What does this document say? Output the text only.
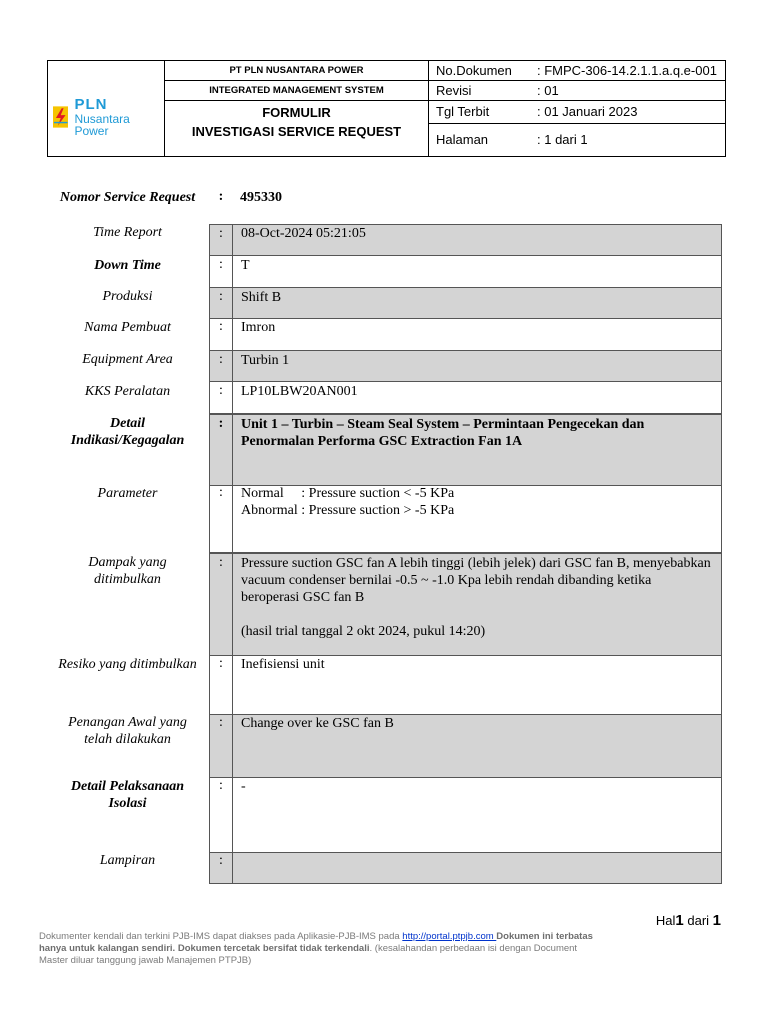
PLN
Nusantara Power
PT PLN NUSANTARA POWER
INTEGRATED MANAGEMENT SYSTEM
FORMULIR
INVESTIGASI SERVICE REQUEST
No.Dokumen : FMPC-306-14.2.1.1.a.q.e-001
Revisi	: 01
Tgl Terbit	: 01 Januari 2023
Halaman	: 1 dari 1
Nomor Service Request	:	495330
Time Report	:	08-Oct-2024 05:21:05
Down Time	:	T
Produksi	:	Shift B
Nama Pembuat	:	Imron
Equipment Area	:	Turbin 1
KKS Peralatan	:	LP10LBW20AN001
Detail Indikasi/Kegagalan
:	Unit 1 – Turbin – Steam Seal System – Permintaan Pengecekan dan Penormalan Performa GSC Extraction Fan 1A
Parameter	:	Normal     : Pressure suction < -5 KPa
Abnormal : Pressure suction > -5 KPa
Dampak yang ditimbulkan
:	Pressure suction GSC fan A lebih tinggi (lebih jelek) dari GSC fan B, menyebabkan vacuum condenser bernilai -0.5 ~ -1.0 Kpa lebih rendah dibanding ketika beroperasi GSC fan B
(hasil trial tanggal 2 okt 2024, pukul 14:20)
Resiko yang ditimbulkan	:	Inefisiensi unit
Penangan Awal yang telah dilakukan
:	Change over ke GSC fan B
Detail Pelaksanaan Isolasi
:	-
Lampiran	:
Hal1 dari 1
Dokumenter kendali dan terkini PJB-IMS dapat diakses pada Aplikasie-PJB-IMS pada http://portal.ptpjb.com Dokumen ini terbatas hanya untuk kalangan sendiri. Dokumen tercetak bersifat tidak terkendali. (kesalahandan perbedaan isi dengan Document Master diluar tanggung jawab Manajemen PTPJB)
